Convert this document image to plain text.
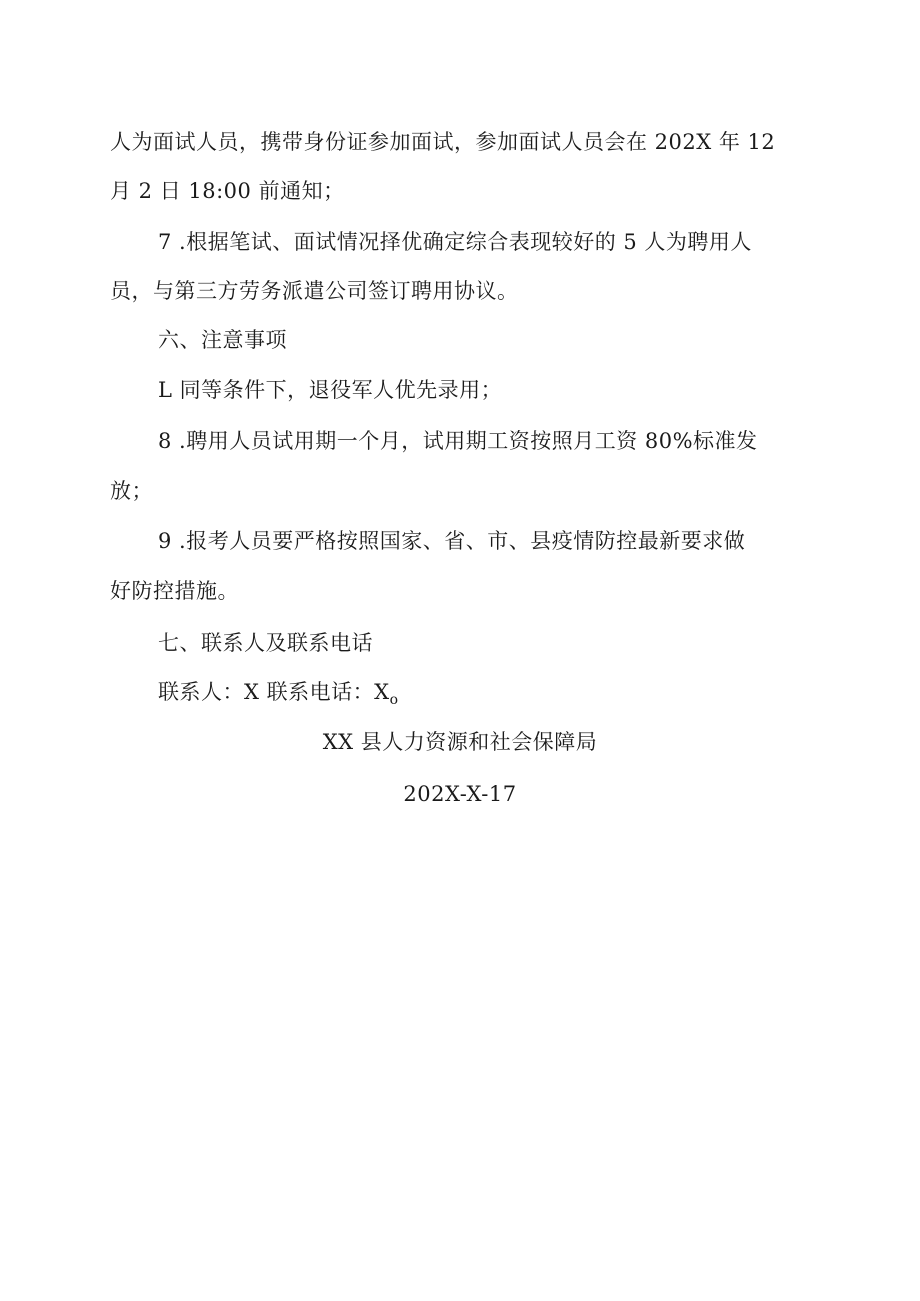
人为面试人员，携带身份证参加面试，参加面试人员会在 202X 年 12
月 2 日 18:00 前通知；
7 .根据笔试、面试情况择优确定综合表现较好的 5 人为聘用人
员，与第三方劳务派遣公司签订聘用协议。
六、注意事项
L 同等条件下，退役军人优先录用；
8 .聘用人员试用期一个月，试用期工资按照月工资 80%标准发
放；
9 .报考人员要严格按照国家、省、市、县疫情防控最新要求做
好防控措施。
七、联系人及联系电话
联系人：X 联系电话：$X_o$
XX 县人力资源和社会保障局
202X-X-17
